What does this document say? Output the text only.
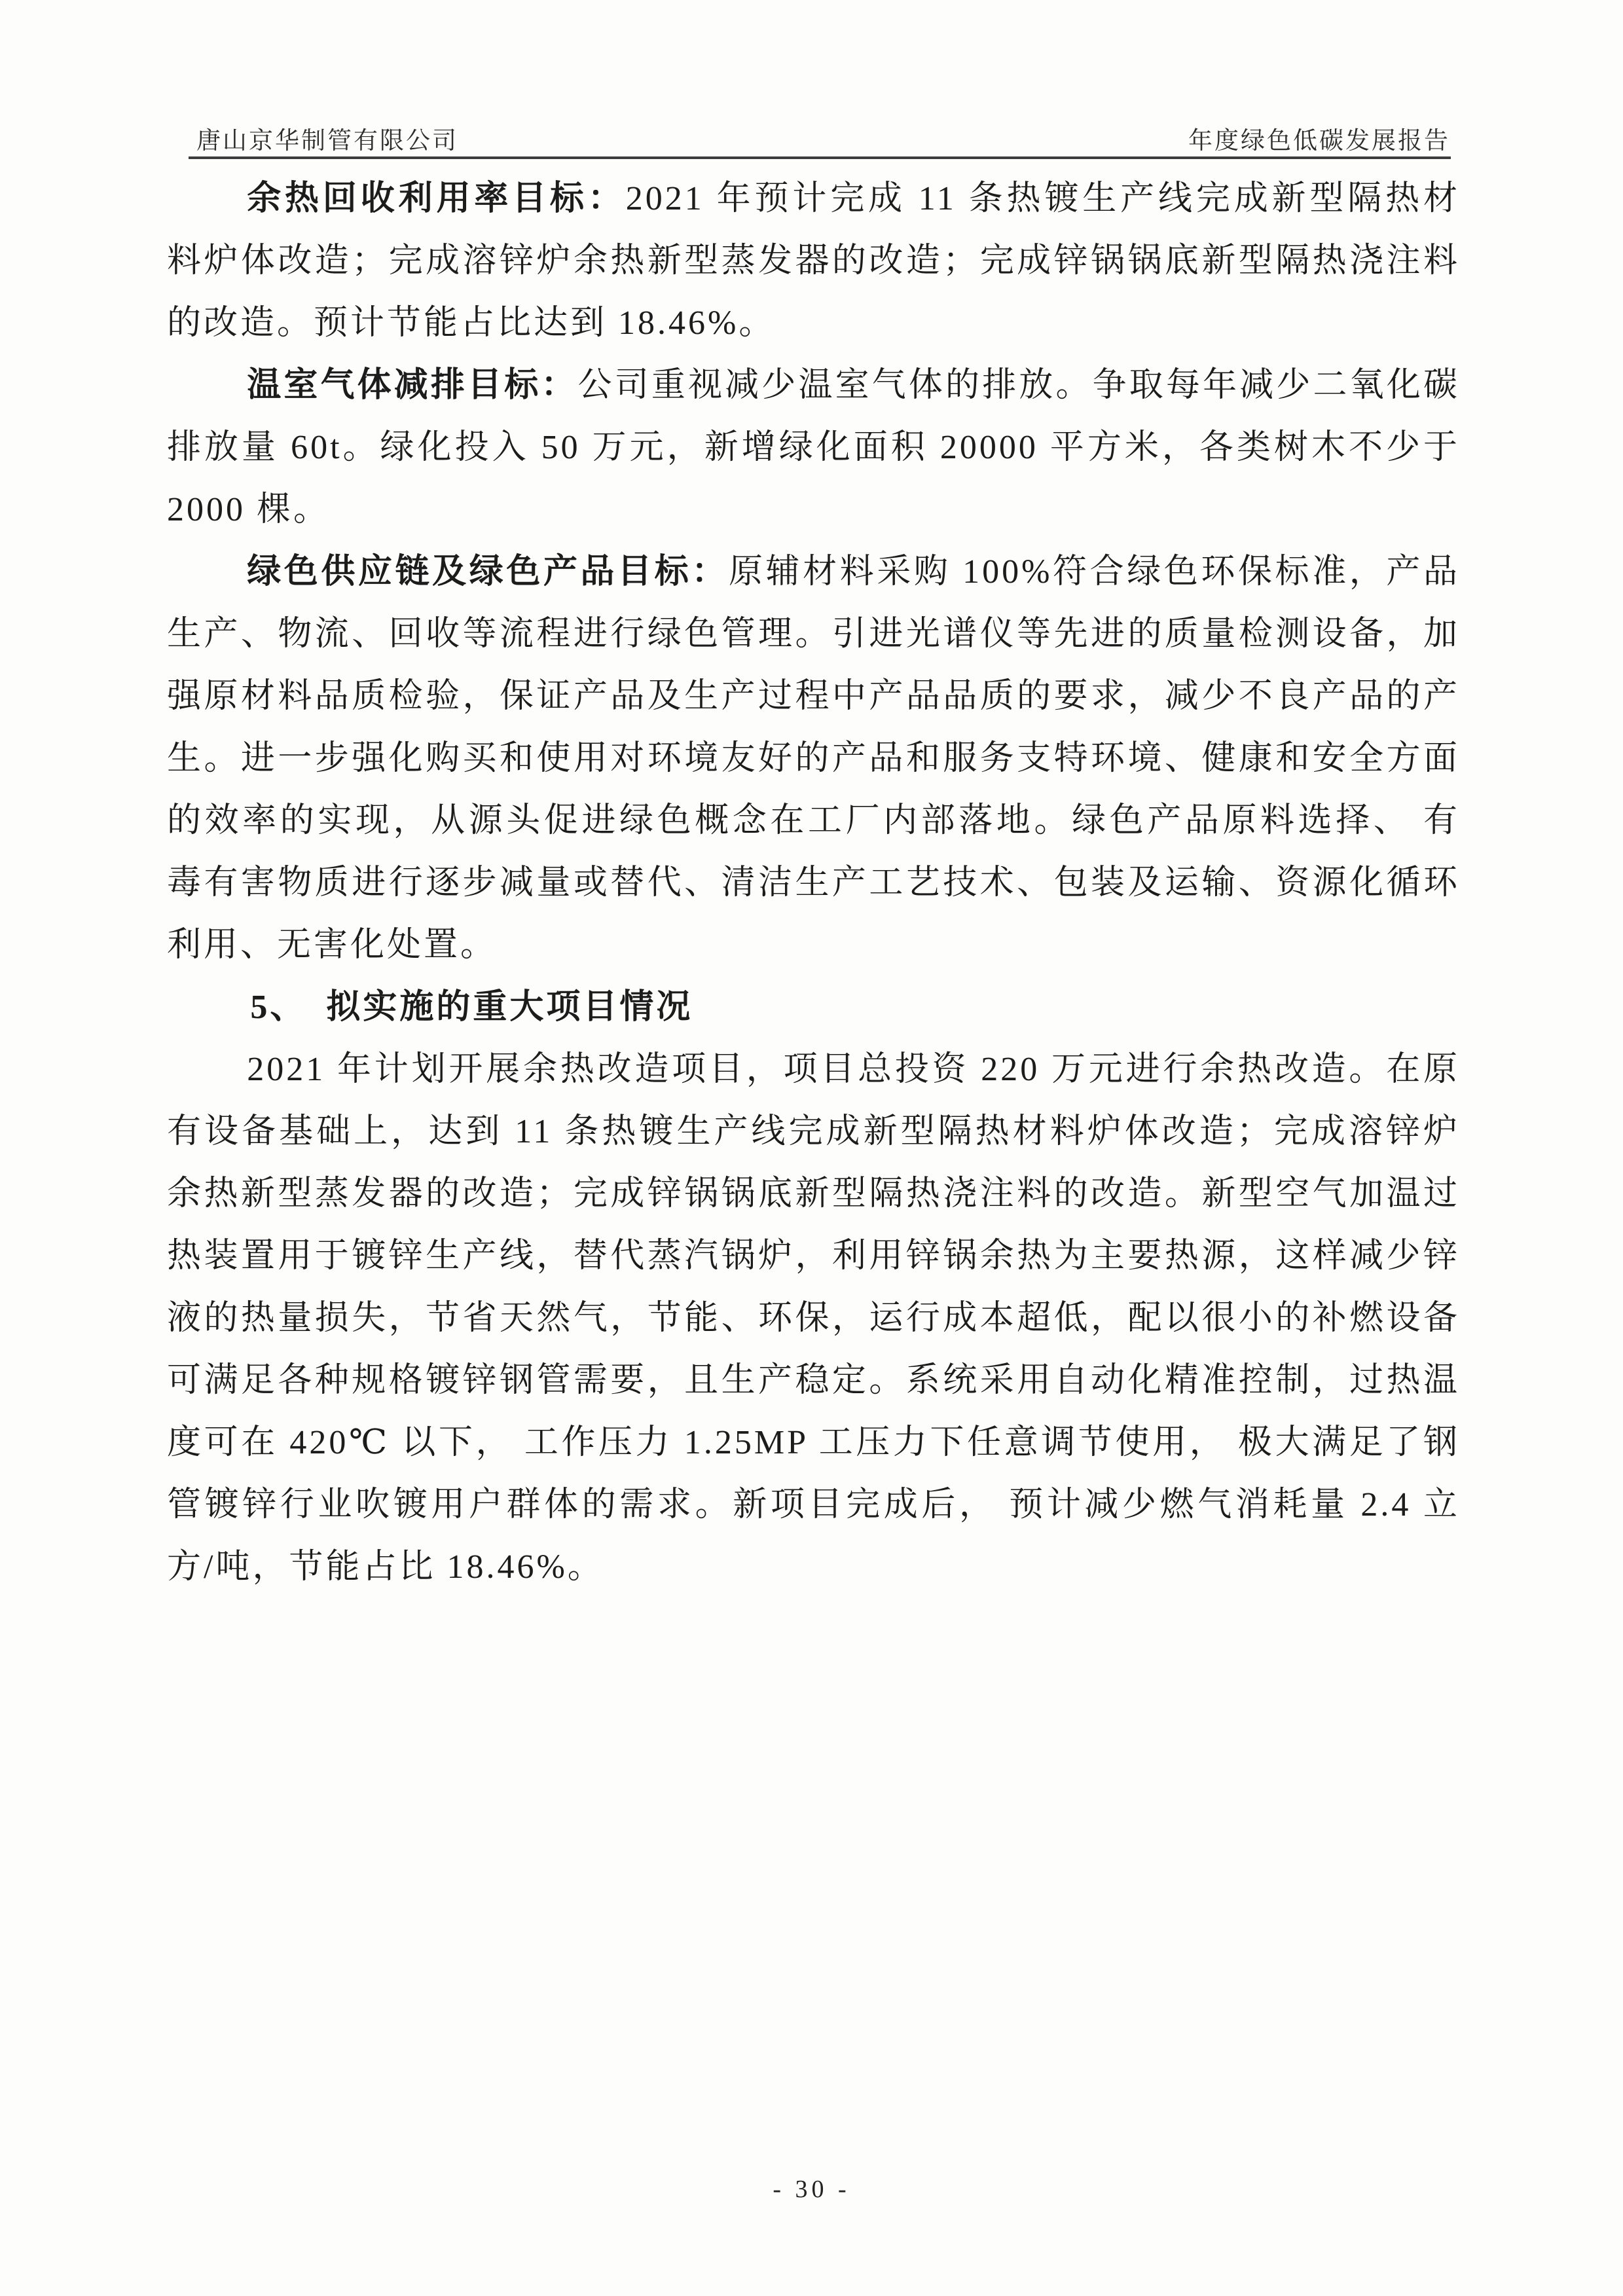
唐山京华制管有限公司	年度绿色低碳发展报告

余热回收利用率目标：2021 年预计完成 11 条热镀生产线完成新型隔热材料炉体改造；完成溶锌炉余热新型蒸发器的改造；完成锌锅锅底新型隔热浇注料的改造。预计节能占比达到 18.46%。

温室气体减排目标：公司重视减少温室气体的排放。争取每年减少二氧化碳排放量 60t。绿化投入 50 万元，新增绿化面积 20000 平方米，各类树木不少于 2000 棵。

绿色供应链及绿色产品目标：原辅材料采购 100%符合绿色环保标准，产品生产、物流、回收等流程进行绿色管理。引进光谱仪等先进的质量检测设备，加强原材料品质检验，保证产品及生产过程中产品品质的要求，减少不良产品的产生。进一步强化购买和使用对环境友好的产品和服务支特环境、健康和安全方面的效率的实现，从源头促进绿色概念在工厂内部落地。绿色产品原料选择、 有毒有害物质进行逐步减量或替代、清洁生产工艺技术、包装及运输、资源化循环利用、无害化处置。

5、　拟实施的重大项目情况

2021 年计划开展余热改造项目，项目总投资 220 万元进行余热改造。在原有设备基础上，达到 11 条热镀生产线完成新型隔热材料炉体改造；完成溶锌炉余热新型蒸发器的改造；完成锌锅锅底新型隔热浇注料的改造。新型空气加温过热装置用于镀锌生产线，替代蒸汽锅炉，利用锌锅余热为主要热源，这样减少锌液的热量损失，节省天然气，节能、环保，运行成本超低，配以很小的补燃设备可满足各种规格镀锌钢管需要，且生产稳定。系统采用自动化精准控制，过热温度可在 420℃ 以下， 工作压力 1.25MP 工压力下任意调节使用， 极大满足了钢管镀锌行业吹镀用户群体的需求。新项目完成后， 预计减少燃气消耗量 2.4 立方/吨，节能占比 18.46%。

- 30 -
